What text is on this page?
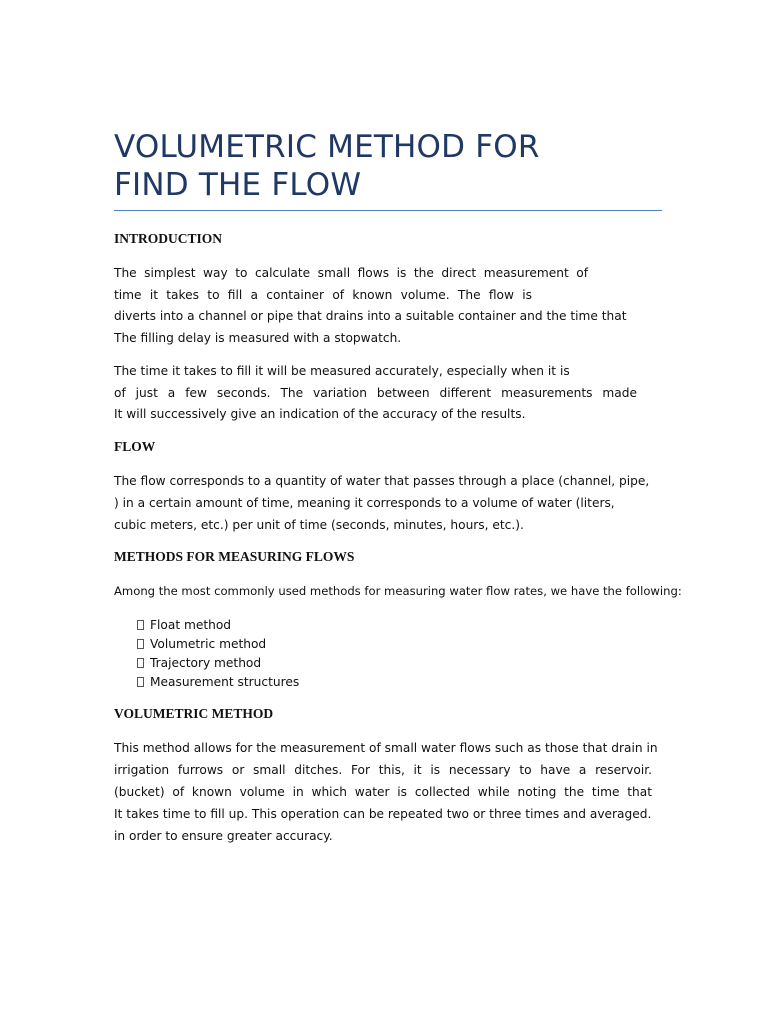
VOLUMETRIC METHOD FOR
FIND THE FLOW
INTRODUCTION
The simplest way to calculate small flows is the direct measurement of
time it takes to fill a container of known volume. The flow is
diverts into a channel or pipe that drains into a suitable container and the time that
The filling delay is measured with a stopwatch.
The time it takes to fill it will be measured accurately, especially when it is
of just a few seconds. The variation between different measurements made
It will successively give an indication of the accuracy of the results.
FLOW
The flow corresponds to a quantity of water that passes through a place (channel, pipe,
) in a certain amount of time, meaning it corresponds to a volume of water (liters,
cubic meters, etc.) per unit of time (seconds, minutes, hours, etc.).
METHODS FOR MEASURING FLOWS
Among the most commonly used methods for measuring water flow rates, we have the following:
Float method
Volumetric method
Trajectory method
Measurement structures
VOLUMETRIC METHOD
This method allows for the measurement of small water flows such as those that drain in
irrigation furrows or small ditches. For this, it is necessary to have a reservoir.
(bucket) of known volume in which water is collected while noting the time that
It takes time to fill up. This operation can be repeated two or three times and averaged.
in order to ensure greater accuracy.
